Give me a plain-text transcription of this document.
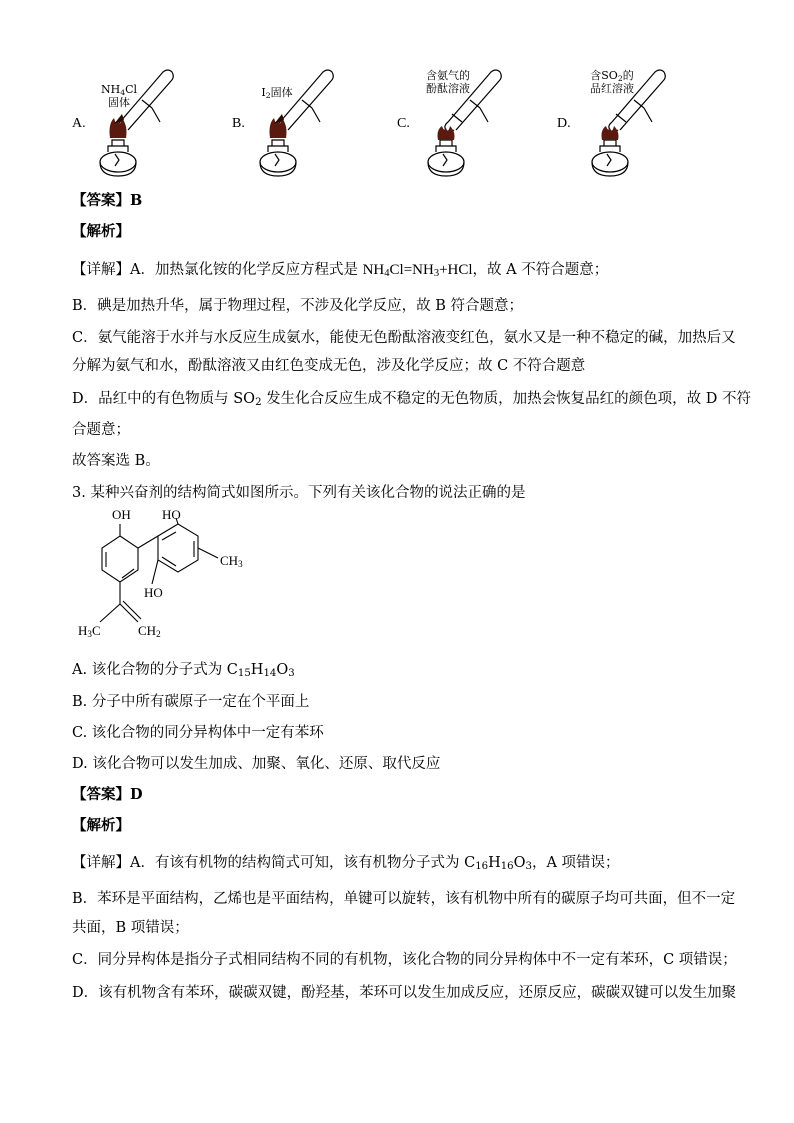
A.
$NH_4Cl$
固体
B.
$I_2$固体
C.
含氨气的
酚酞溶液
D.
含$SO_2$的
品红溶液
【答案】B
【解析】
【详解】A．加热氯化铵的化学反应方程式是 $NH_4Cl=NH_3+HCl$，故 A 不符合题意；
B．碘是加热升华，属于物理过程，不涉及化学反应，故 B 符合题意；
C．氨气能溶于水并与水反应生成氨水，能使无色酚酞溶液变红色，氨水又是一种不稳定的碱，加热后又
分解为氨气和水，酚酞溶液又由红色变成无色，涉及化学反应；故 C 不符合题意
D．品红中的有色物质与 $SO_2$ 发生化合反应生成不稳定的无色物质，加热会恢复品红的颜色项，故 D 不符
合题意；
故答案选 B。
3. 某种兴奋剂的结构简式如图所示。下列有关该化合物的说法正确的是
OH HO
$CH_3$
HO
$H_3C$	$CH_2$
A. 该化合物的分子式为 $C_{15}H_{14}O_3$
B. 分子中所有碳原子一定在个平面上
C. 该化合物的同分异构体中一定有苯环
D. 该化合物可以发生加成、加聚、氧化、还原、取代反应
【答案】D
【解析】
【详解】A．有该有机物的结构简式可知，该有机物分子式为 $C_{16}H_{16}O_3$，A 项错误；
B．苯环是平面结构，乙烯也是平面结构，单键可以旋转，该有机物中所有的碳原子均可共面，但不一定
共面，B 项错误；
C．同分异构体是指分子式相同结构不同的有机物，该化合物的同分异构体中不一定有苯环，C 项错误；
D．该有机物含有苯环，碳碳双键，酚羟基，苯环可以发生加成反应，还原反应，碳碳双键可以发生加聚
